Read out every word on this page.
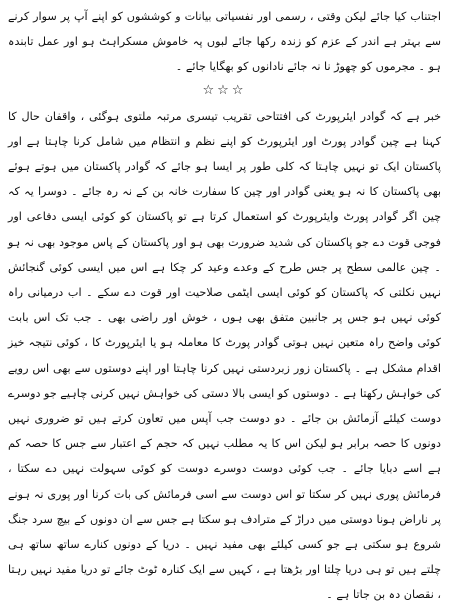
اجتناب کیا جائے لیکن وقتی ، رسمی اور نفسیاتی بیانات و کوششوں کو اپنے آپ پر سوار کرنے سے بہتر ہے اندر کے عزم کو زندہ رکھا جائے لبوں پہ خاموش مسکراہٹ ہو اور عمل تابندہ ہو ۔ مجرموں کو چھوڑ نا نہ جائے نادانوں کو بھگایا جائے ۔

☆☆☆

خبر ہے کہ گوادر ایئرپورٹ کی افتتاحی تقریب تیسری مرتبہ ملتوی ہوگئی ، واقفان حال کا کہنا ہے چین گوادر پورٹ اور ایئرپورٹ کو اپنے نظم و انتظام میں شامل کرنا چاہتا ہے اور پاکستان ایک تو نہیں چاہتا کہ کلی طور پر ایسا ہو جائے کہ گوادر پاکستان میں ہوتے ہوئے بھی پاکستان کا نہ ہو یعنی گوادر اور چین کا سفارت خانہ بن کے نہ رہ جائے ۔ دوسرا یہ کہ چین اگر گوادر پورٹ وایئرپورٹ کو استعمال کرتا ہے تو پاکستان کو کوئی ایسی دفاعی اور فوجی قوت دے جو پاکستان کی شدید ضرورت بھی ہو اور پاکستان کے پاس موجود بھی نہ ہو ۔ چین عالمی سطح پر جس طرح کے وعدے وعید کر چکا ہے اس میں ایسی کوئی گنجائش نہیں نکلتی کہ پاکستان کو کوئی ایسی ایٹمی صلاحیت اور قوت دے سکے ۔ اب درمیانی راہ کوئی نہیں ہو جس پر جانبین متفق بھی ہوں ، خوش اور راضی بھی ۔ جب تک اس بابت کوئی واضح راہ متعین نہیں ہوتی گوادر پورٹ کا معاملہ ہو یا ایئرپورٹ کا ، کوئی نتیجہ خیز اقدام مشکل ہے ۔ پاکستان زور زبردستی نہیں کرنا چاہتا اور اپنے دوستوں سے بھی اس رویے کی خواہش رکھتا ہے ۔ دوستوں کو ایسی بالا دستی کی خواہش نہیں کرنی چاہیے جو دوسرے دوست کیلئے آزمائش بن جائے ۔ دو دوست جب آپس میں تعاون کرتے ہیں تو ضروری نہیں دونوں کا حصہ برابر ہو لیکن اس کا یہ مطلب نہیں کہ حجم کے اعتبار سے جس کا حصہ کم ہے اسے دبایا جائے ۔ جب کوئی دوست دوسرے دوست کو کوئی سہولت نہیں دے سکتا ، فرمائش پوری نہیں کر سکتا تو اس دوست سے اسی فرمائش کی بات کرنا اور پوری نہ ہونے پر ناراض ہونا دوستی میں دراڑ کے مترادف ہو سکتا ہے جس سے ان دونوں کے بیچ سرد جنگ شروع ہو سکتی ہے جو کسی کیلئے بھی مفید نہیں ۔ دریا کے دونوں کنارے ساتھ ساتھ ہی چلتے ہیں تو ہی دریا چلتا اور بڑھتا ہے ، کہیں سے ایک کنارہ ٹوٹ جائے تو دریا مفید نہیں رہتا ، نقصان دہ بن جاتا ہے ۔
